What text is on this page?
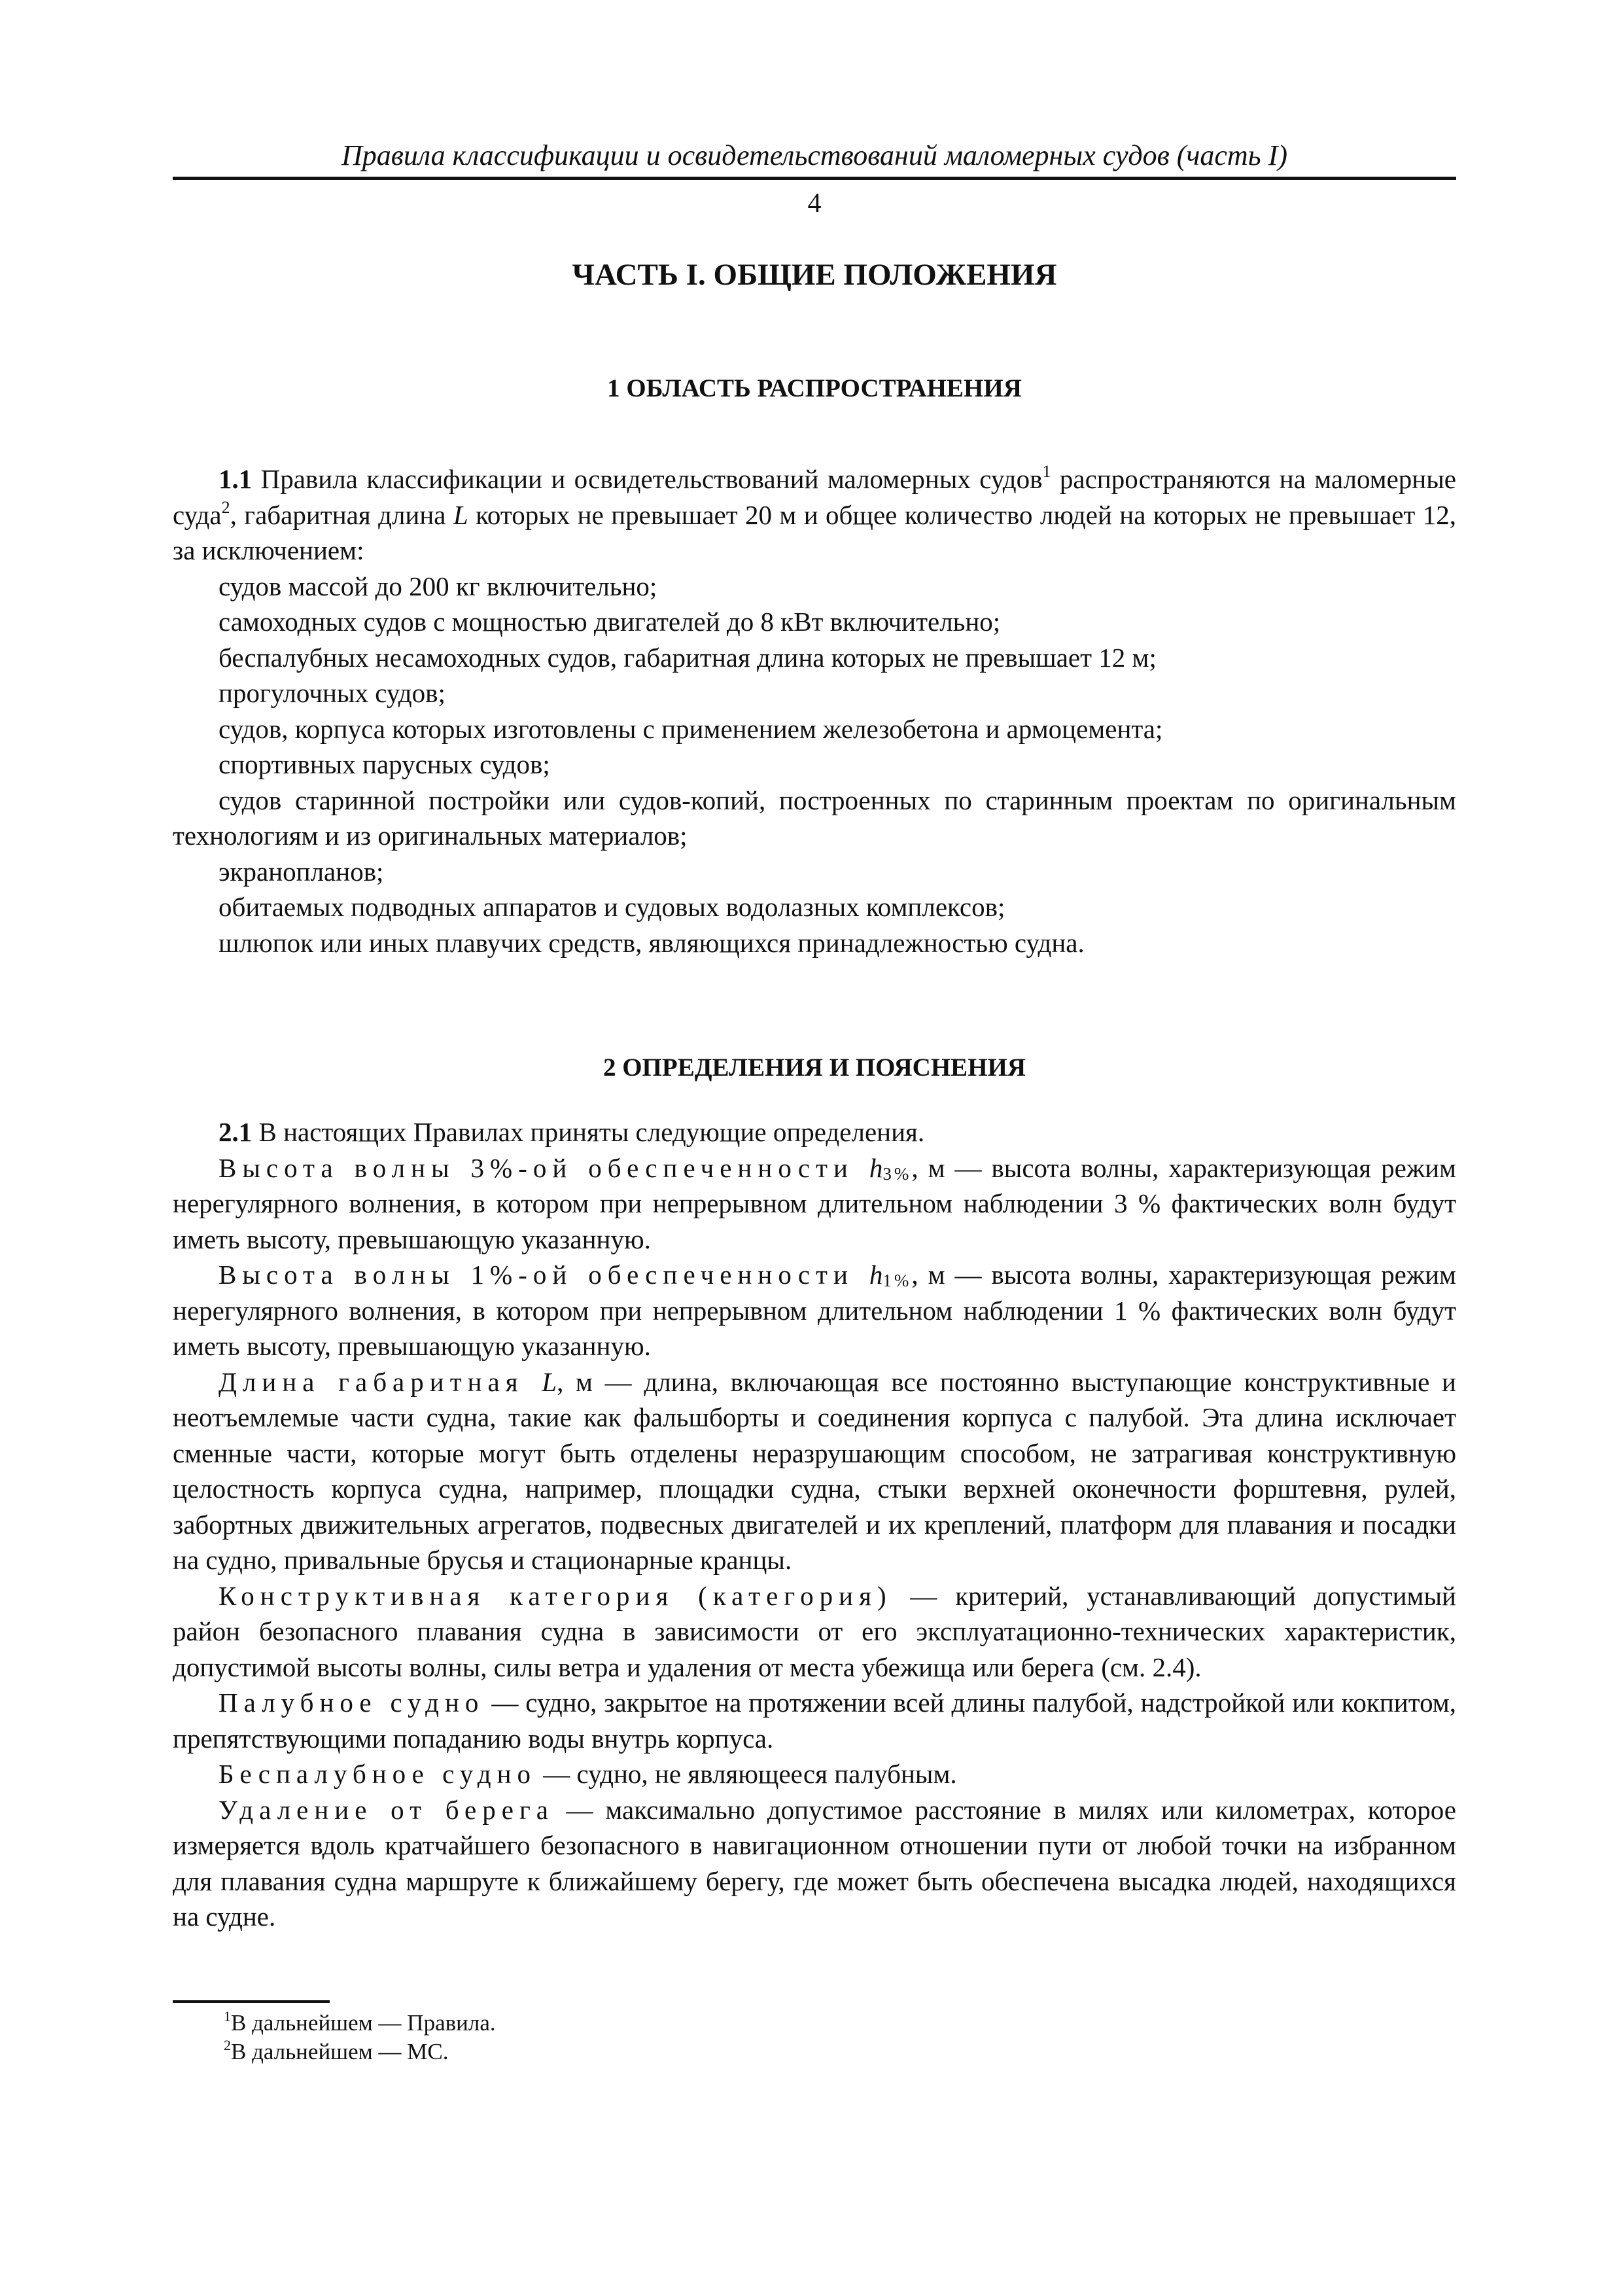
Правила классификации и освидетельствований маломерных судов (часть I)
4
ЧАСТЬ I. ОБЩИЕ ПОЛОЖЕНИЯ
1 ОБЛАСТЬ РАСПРОСТРАНЕНИЯ

1.1 Правила классификации и освидетельствований маломерных судов$^1$ распространяются на маломерные суда$^2$, габаритная длина L которых не превышает 20 м и общее количество людей на которых не превышает 12, за исключением:

судов массой до 200 кг включительно;

самоходных судов с мощностью двигателей до 8 кВт включительно;

беспалубных несамоходных судов, габаритная длина которых не превышает 12 м;

прогулочных судов;

судов, корпуса которых изготовлены с применением железобетона и армоцемента;

спортивных парусных судов;

судов старинной постройки или судов-копий, построенных по старинным проектам по оригинальным технологиям и из оригинальных материалов;

экранопланов;

обитаемых подводных аппаратов и судовых водолазных комплексов;

шлюпок или иных плавучих средств, являющихся принадлежностью судна.

2 ОПРЕДЕЛЕНИЯ И ПОЯСНЕНИЯ

2.1 В настоящих Правилах приняты следующие определения.

Высота волны 3%-ой обеспеченности $h_{3\%}$, м — высота волны, характеризующая режим нерегулярного волнения, в котором при непрерывном длительном наблюдении 3 % фактических волн будут иметь высоту, превышающую указанную.

Высота волны 1%-ой обеспеченности $h_{1\%}$, м — высота волны, характеризующая режим нерегулярного волнения, в котором при непрерывном длительном наблюдении 1 % фактических волн будут иметь высоту, превышающую указанную.

Длина габаритная L, м — длина, включающая все постоянно выступающие конструктивные и неотъемлемые части судна, такие как фальшборты и соединения корпуса с палубой. Эта длина исключает сменные части, которые могут быть отделены неразрушающим способом, не затрагивая конструктивную целостность корпуса судна, например, площадки судна, стыки верхней оконечности форштевня, рулей, забортных движительных агрегатов, подвесных двигателей и их креплений, платформ для плавания и посадки на судно, привальные брусья и стационарные кранцы.

Конструктивная категория (категория) — критерий, устанавливающий допустимый район безопасного плавания судна в зависимости от его эксплуатационно-технических характеристик, допустимой высоты волны, силы ветра и удаления от места убежища или берега (см. 2.4).

Палубное судно — судно, закрытое на протяжении всей длины палубой, надстройкой или кокпитом, препятствующими попаданию воды внутрь корпуса.

Беспалубное судно — судно, не являющееся палубным.

Удаление от берега — максимально допустимое расстояние в милях или километрах, которое измеряется вдоль кратчайшего безопасного в навигационном отношении пути от любой точки на избранном для плавания судна маршруте к ближайшему берегу, где может быть обеспечена высадка людей, находящихся на судне.

$^1$В дальнейшем — Правила.

$^2$В дальнейшем — МС.
